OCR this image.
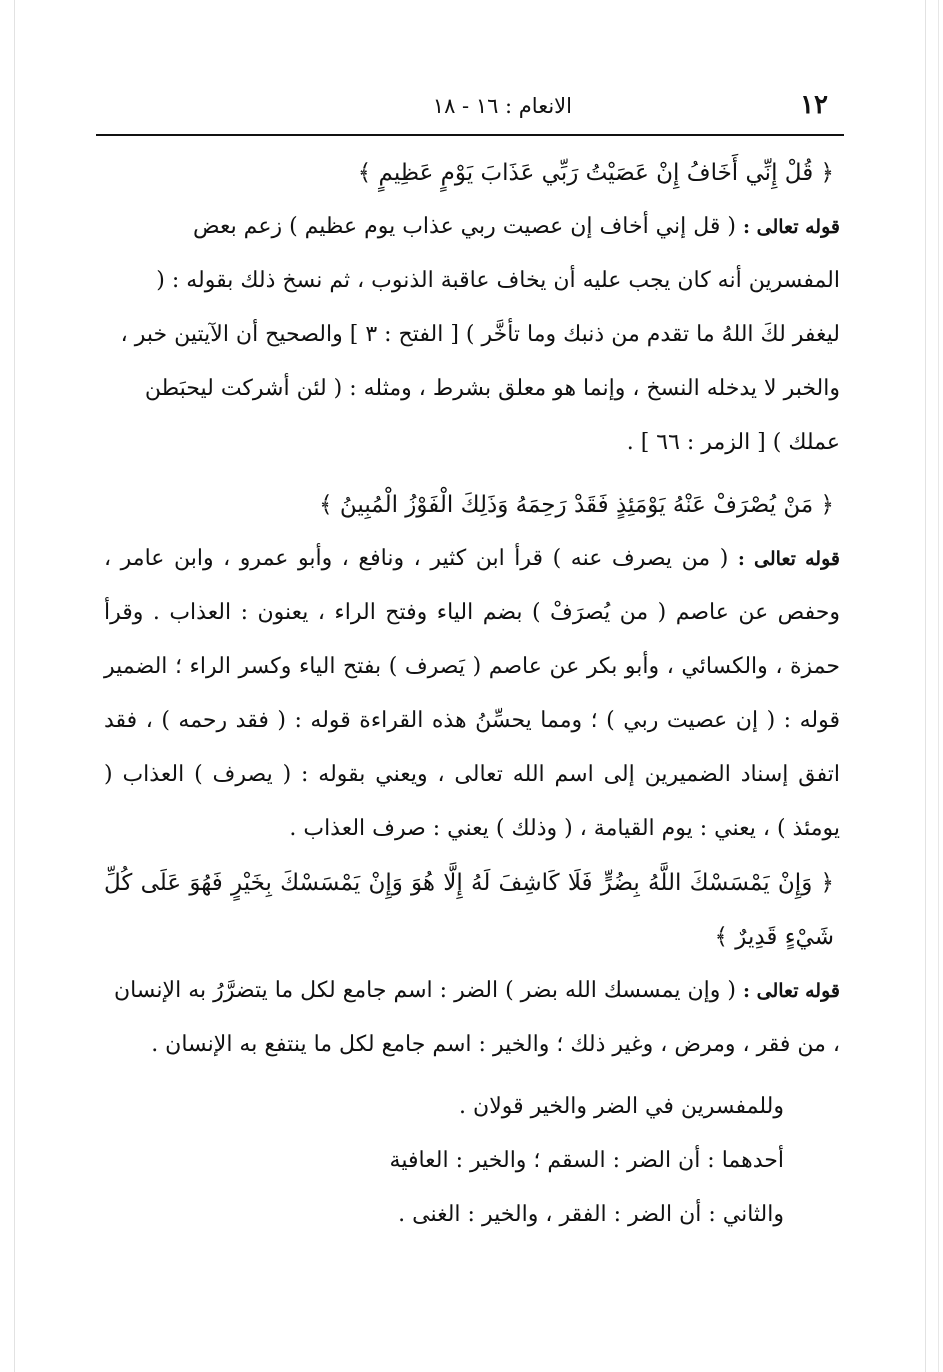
١٢
الانعام : ١٦ - ١٨

﴿ قُلْ إِنِّي أَخَافُ إِنْ عَصَيْتُ رَبِّي عَذَابَ يَوْمٍ عَظِيمٍ ﴾

قوله تعالى : ( قل إني أخاف إن عصيت ربي عذاب يوم عظيم ) زعم بعض المفسرين أنه كان يجب عليه أن يخاف عاقبة الذنوب ، ثم نسخ ذلك بقوله : ( ليغفر لكَ اللهُ ما تقدم من ذنبك وما تأخَّر ) [ الفتح : ٣ ] والصحيح أن الآيتين خبر ، والخبر لا يدخله النسخ ، وإنما هو معلق بشرط ، ومثله : ( لئن أشركت ليحبَطن عملك ) [ الزمر : ٦٦ ] .

﴿ مَنْ يُصْرَفْ عَنْهُ يَوْمَئِذٍ فَقَدْ رَحِمَهُ وَذَلِكَ الْفَوْزُ الْمُبِينُ ﴾

قوله تعالى : ( من يصرف عنه ) قرأ ابن كثير ، ونافع ، وأبو عمرو ، وابن عامر ، وحفص عن عاصم ( من يُصرَفْ ) بضم الياء وفتح الراء ، يعنون : العذاب . وقرأ حمزة ، والكسائي ، وأبو بكر عن عاصم ( يَصرف ) بفتح الياء وكسر الراء ؛ الضمير قوله : ( إن عصيت ربي ) ؛ ومما يحسِّنُ هذه القراءة قوله : ( فقد رحمه ) ، فقد اتفق إسناد الضميرين إلى اسم الله تعالى ، ويعني بقوله : ( يصرف ) العذاب ( يومئذ ) ، يعني : يوم القيامة ، ( وذلك ) يعني : صرف العذاب .

﴿ وَإِنْ يَمْسَسْكَ اللَّهُ بِضُرٍّ فَلَا كَاشِفَ لَهُ إِلَّا هُوَ وَإِنْ يَمْسَسْكَ بِخَيْرٍ فَهُوَ عَلَى كُلِّ شَيْءٍ قَدِيرٌ ﴾

قوله تعالى : ( وإن يمسسك الله بضر ) الضر : اسم جامع لكل ما يتضرَّرُ به الإنسان ، من فقر ، ومرض ، وغير ذلك ؛ والخير : اسم جامع لكل ما ينتفع به الإنسان .

وللمفسرين في الضر والخير قولان .

أحدهما : أن الضر : السقم ؛ والخير : العافية

والثاني : أن الضر : الفقر ، والخير : الغنى .
